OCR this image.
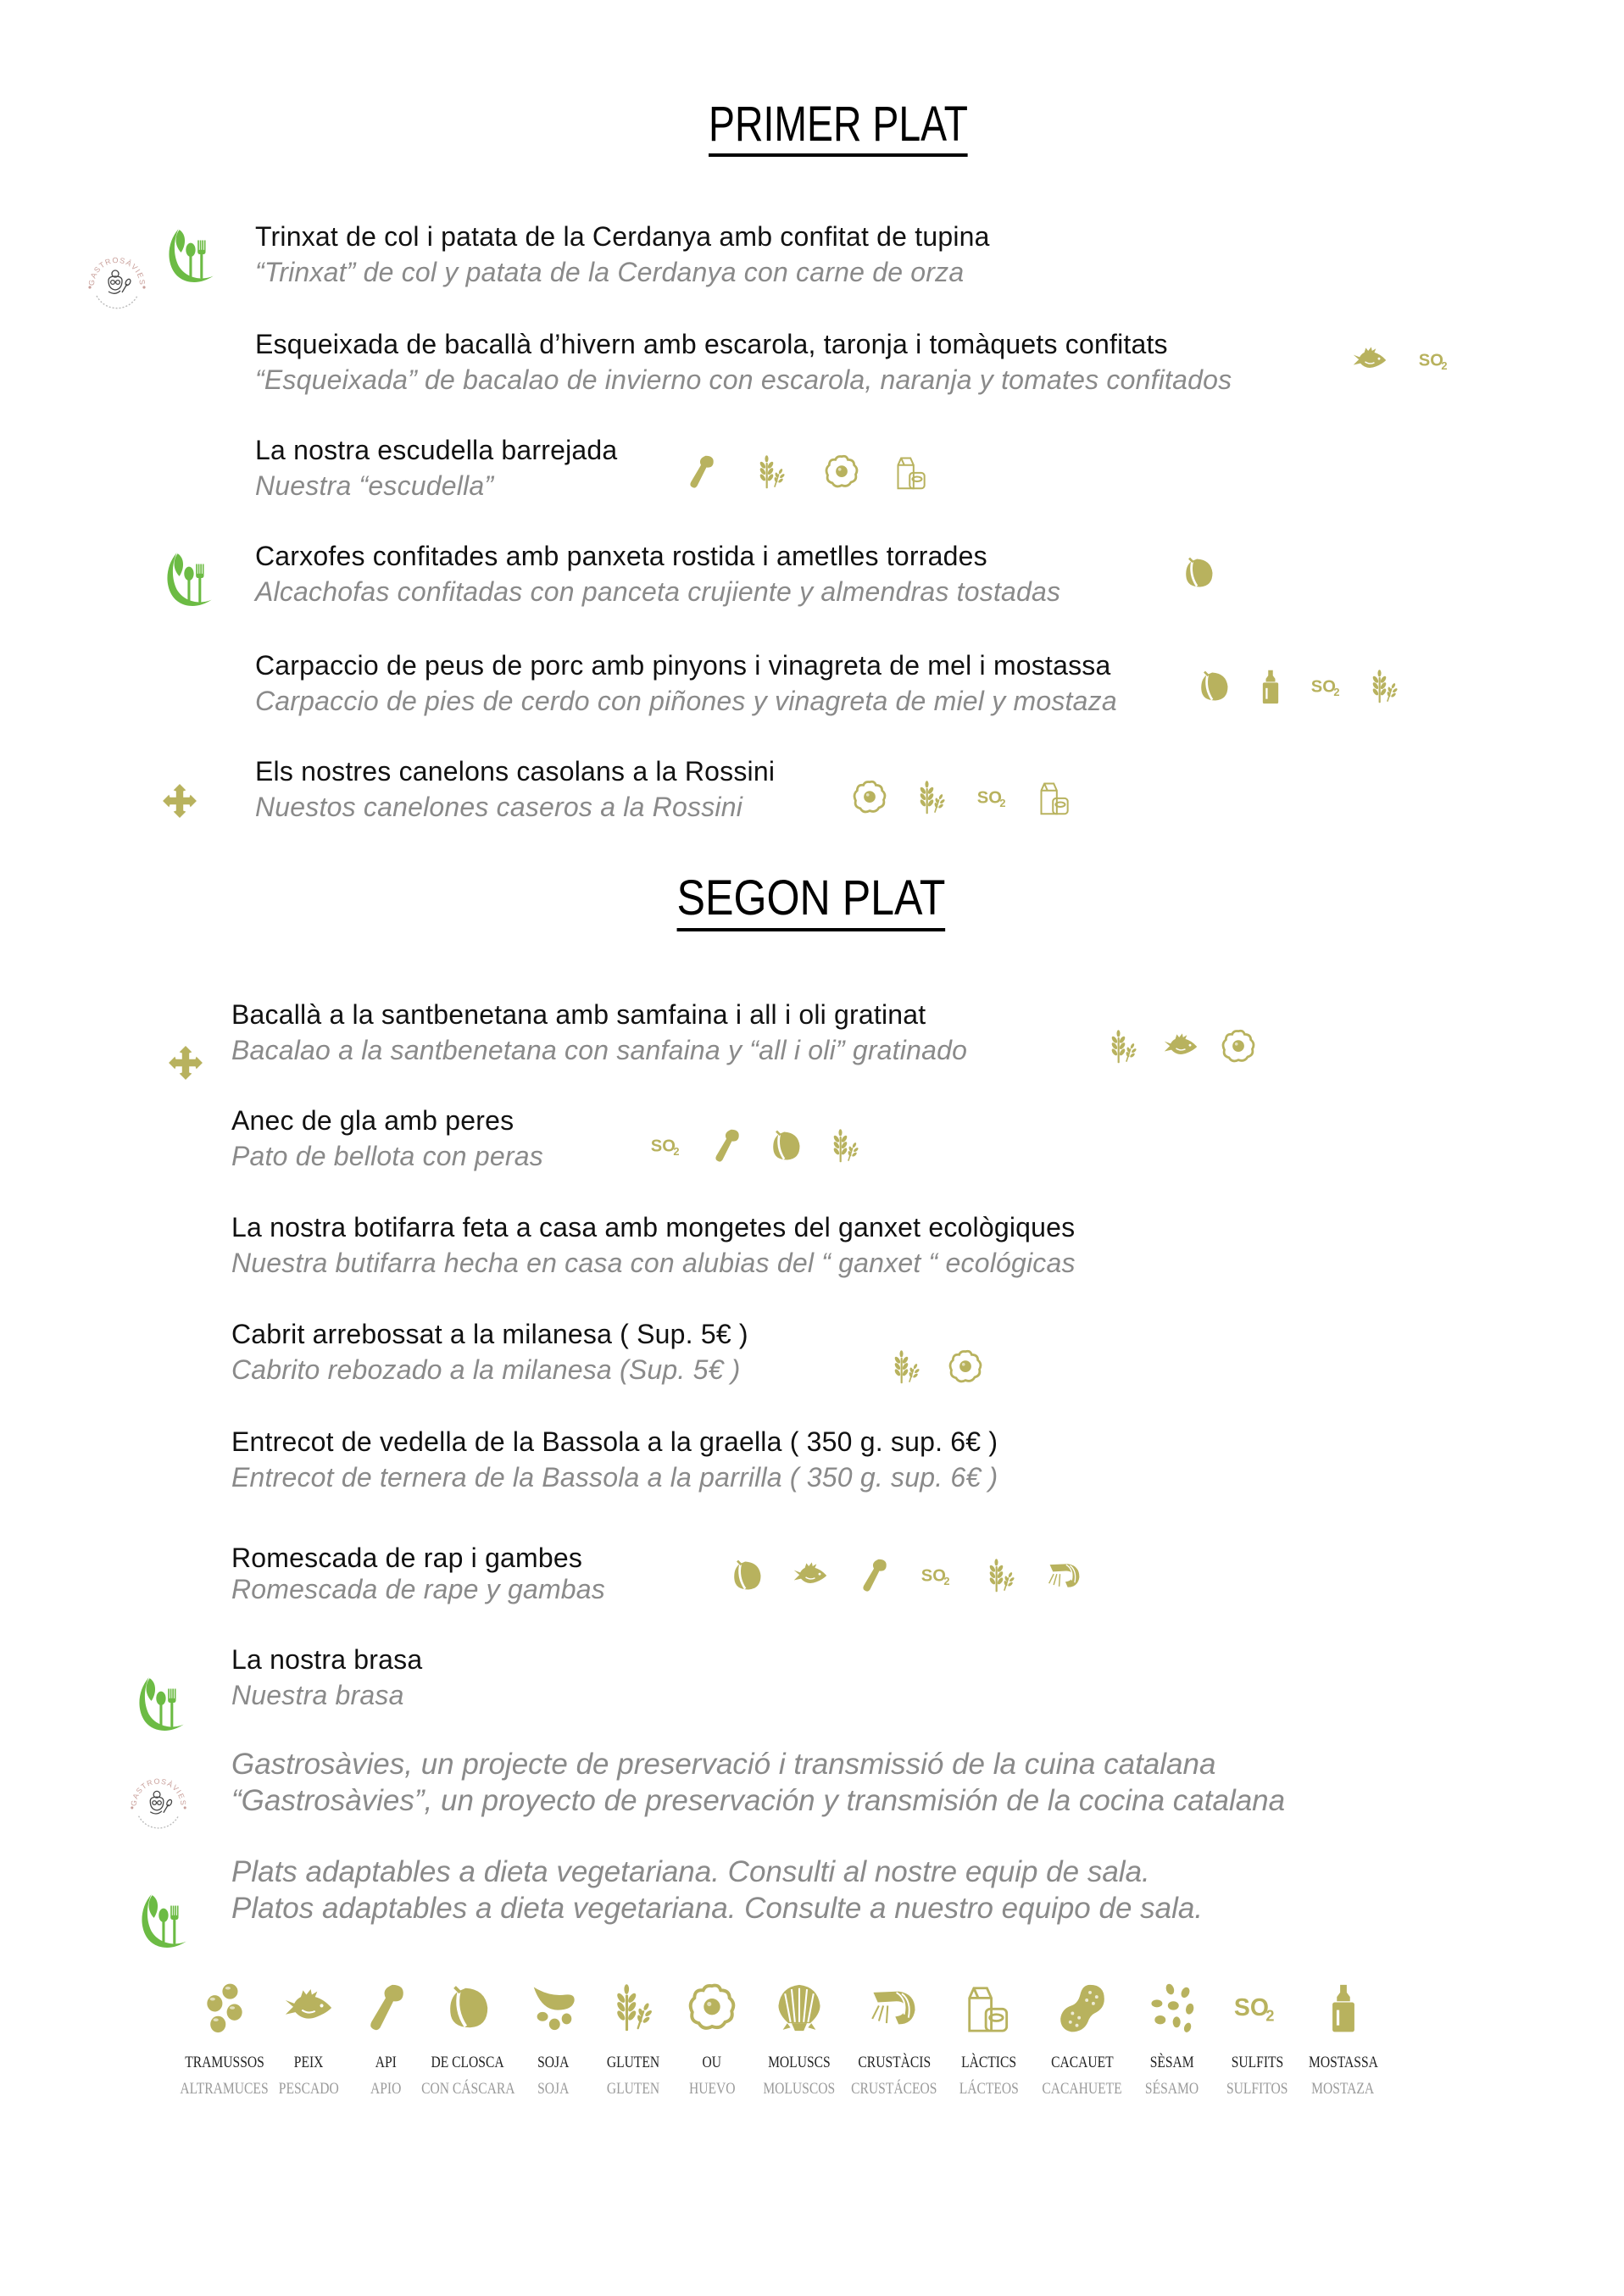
PRIMER PLAT
Trinxat de col i patata de la Cerdanya amb confitat de tupina
“Trinxat” de col y patata de la Cerdanya con carne de orza
Esqueixada de bacallà d’hivern amb escarola, taronja i tomàquets confitats
“Esqueixada” de bacalao de invierno con escarola, naranja y tomates confitados
La nostra escudella barrejada
Nuestra “escudella”
Carxofes confitades amb panxeta rostida i ametlles torrades
Alcachofas confitadas con panceta crujiente y almendras tostadas
Carpaccio de peus de porc amb pinyons i vinagreta de mel i mostassa
Carpaccio de pies de cerdo con piñones y vinagreta de miel y mostaza
Els nostres canelons casolans a la Rossini
Nuestos canelones caseros a la Rossini
SEGON PLAT
Bacallà a la santbenetana amb samfaina i all i oli gratinat
Bacalao a la santbenetana con sanfaina y “all i oli” gratinado
Anec de gla amb peres
Pato de bellota con peras
La nostra botifarra feta a casa amb mongetes del ganxet ecològiques
Nuestra butifarra hecha en casa con alubias del “ ganxet “ ecológicas
Cabrit arrebossat a la milanesa ( Sup. 5€ )
Cabrito rebozado a la milanesa (Sup. 5€ )
Entrecot de vedella de la Bassola a la graella ( 350 g. sup. 6€ )
Entrecot de ternera de la Bassola a la parrilla ( 350 g. sup. 6€ )
Romescada de rap i gambes
Romescada de rape y gambas
La nostra brasa
Nuestra brasa
Gastrosàvies, un projecte de preservació i transmissió de la cuina catalana
“Gastrosàvies”, un proyecto de preservación y transmisión de la cocina catalana
Plats adaptables a dieta vegetariana. Consulti al nostre equip de sala.
Platos adaptables a dieta vegetariana. Consulte a nuestro equipo de sala.
TRAMUSSOS
ALTRAMUCES
PEIX
PESCADO
API
APIO
DE CLOSCA
CON CÁSCARA
SOJA
SOJA
GLUTEN
GLUTEN
OU
HUEVO
MOLUSCS
MOLUSCOS
CRUSTÀCIS
CRUSTÁCEOS
LÀCTICS
LÁCTEOS
CACAUET
CACAHUETE
SÈSAM
SÉSAMO
SULFITS
SULFITOS
MOSTASSA
MOSTAZA
